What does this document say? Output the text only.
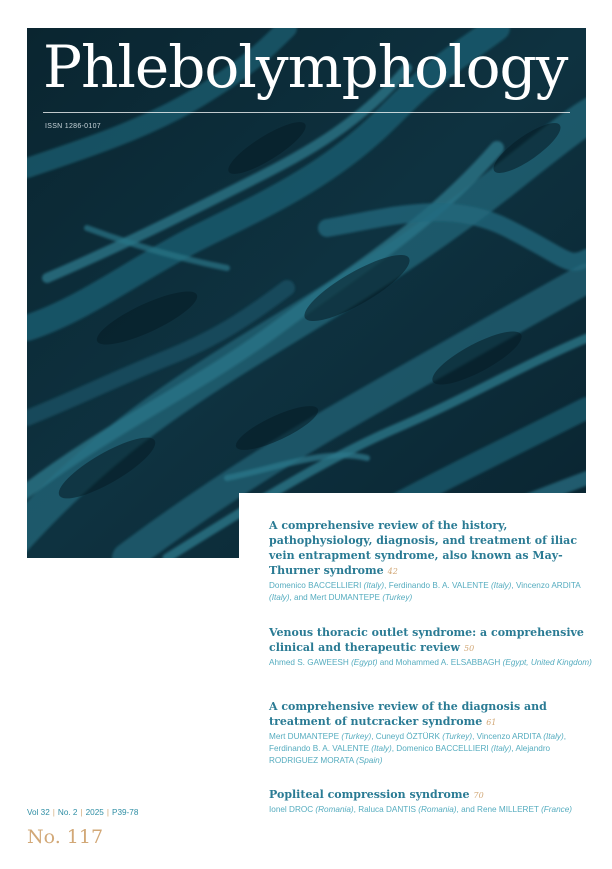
Phlebolymphology
ISSN 1286-0107
A comprehensive review of the history, pathophysiology, diagnosis, and treatment of iliac vein entrapment syndrome, also known as May-Thurner syndrome 42
Domenico BACCELLIERI (Italy), Ferdinando B. A. VALENTE (Italy), Vincenzo ARDITA (Italy), and Mert DUMANTEPE (Turkey)
Venous thoracic outlet syndrome: a comprehensive clinical and therapeutic review 50
Ahmed S. GAWEESH (Egypt) and Mohammed A. ELSABBAGH (Egypt, United Kingdom)
A comprehensive review of the diagnosis and treatment of nutcracker syndrome 61
Mert DUMANTEPE (Turkey), Cuneyd ÖZTÜRK (Turkey), Vincenzo ARDITA (Italy), Ferdinando B. A. VALENTE (Italy), Domenico BACCELLIERI (Italy), Alejandro RODRIGUEZ MORATA (Spain)
Popliteal compression syndrome 70
Ionel DROC (Romania), Raluca DANTIS (Romania), and Rene MILLERET (France)
Vol 32 | No. 2 | 2025 | P39-78
No. 117
